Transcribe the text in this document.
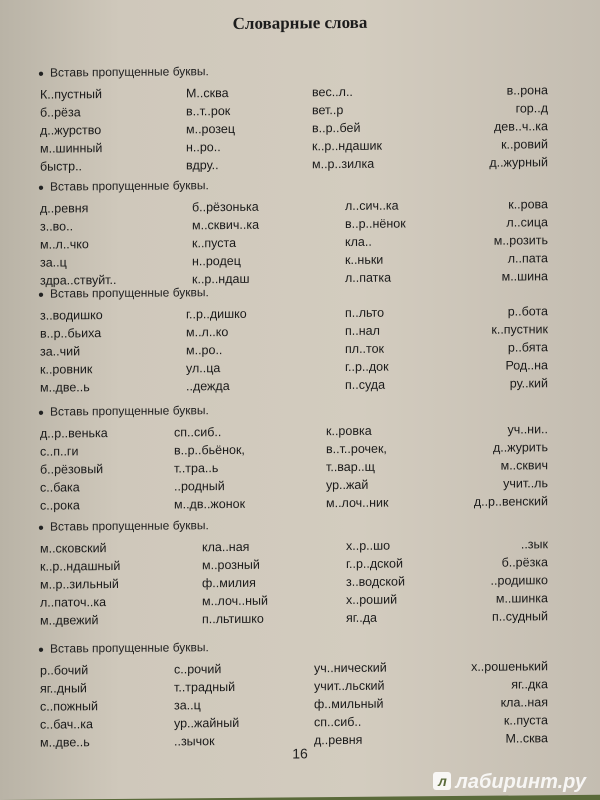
Словарные слова
● Вставь пропущенные буквы.
К..пустный
б..рёза
д..журство
м..шинный
быстр..
М..сква
в..т..рок
м..розец
н..ро..
вдру..
вес..л..
вет..р
в..р..бей
к..р..ндашик
м..р..зилка
в..рона
гор..д
дев..ч..ка
к..ровий
д..журный
● Вставь пропущенные буквы.
д..ревня
з..во..
м..л..чко
за..ц
здра..ствуйт..
б..рёзонька
м..сквич..ка
к..пуста
н..родец
к..р..ндаш
л..сич..ка
в..р..нёнок
кла..
к..ньки
л..патка
к..рова
л..сица
м..розить
л..пата
м..шина
● Вставь пропущенные буквы.
з..водишко
в..р..бьиха
за..чий
к..ровник
м..две..ь
г..р..дишко
м..л..ко
м..ро..
ул..ца
..дежда
п..льто
п..нал
пл..ток
г..р..док
п..суда
р..бота
к..пустник
р..бята
Род..на
ру..кий
● Вставь пропущенные буквы.
д..р..венька
с..п..ги
б..рёзовый
с..бака
с..рока
сп..сиб..
в..р..бьёнок,
т..тра..ь
..родный
м..дв..жонок
к..ровка
в..т..рочек,
т..вар..щ
ур..жай
м..лоч..ник
уч..ни..
д..журить
м..сквич
учит..ль
д..р..венский
● Вставь пропущенные буквы.
м..сковский
к..р..ндашный
м..р..зильный
л..паточ..ка
м..двежий
кла..ная
м..розный
ф..милия
м..лоч..ный
п..льтишко
х..р..шо
г..р..дской
з..водской
х..роший
яг..да
..зык
б..рёзка
..родишко
м..шинка
п..судный
● Вставь пропущенные буквы.
р..бочий
яг..дный
с..пожный
с..бач..ка
м..две..ь
с..рочий
т..традный
за..ц
ур..жайный
..зычок
уч..нический
учит..льский
ф..мильный
сп..сиб..
д..ревня
х..рошенький
яг..дка
кла..ная
к..пуста
М..сква
16
л лабиринт.ру
